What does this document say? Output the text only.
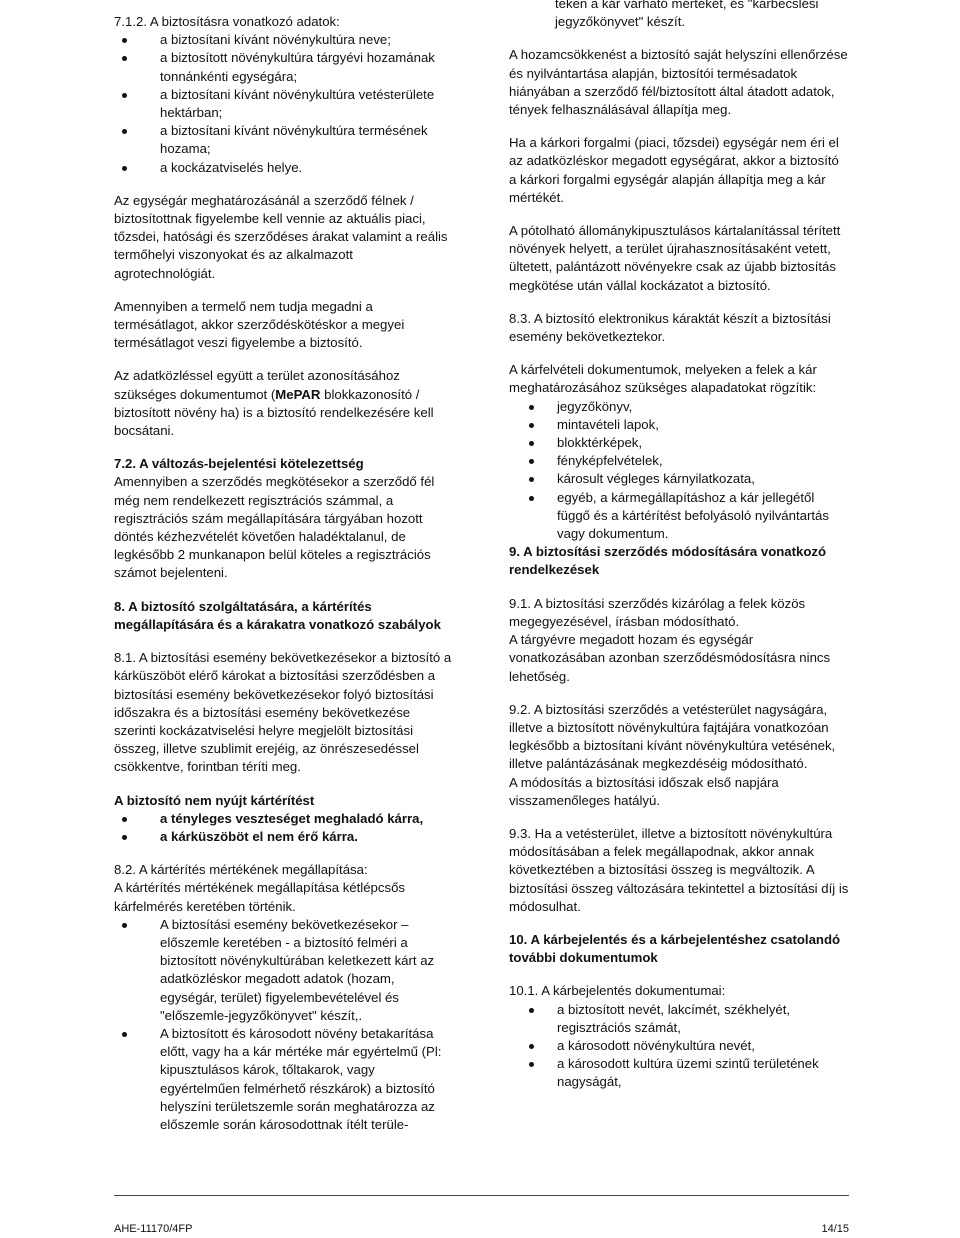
7.1.2. A biztosításra vonatkozó adatok:

a biztosítani kívánt növénykultúra neve;
a biztosított növénykultúra tárgyévi hozamának tonnánkénti egységára;
a biztosítani kívánt növénykultúra vetésterülete hektárban;
a biztosítani kívánt növénykultúra termésének hozama;
a kockázatviselés helye.

Az egységár meghatározásánál a szerződő félnek / biztosítottnak figyelembe kell vennie az aktuális piaci, tőzsdei, hatósági és szerződéses árakat valamint a reális termőhelyi viszonyokat és az alkalmazott agrotechnológiát.

Amennyiben a termelő nem tudja megadni a termésátlagot, akkor szerződéskötéskor a megyei termésátlagot veszi figyelembe a biztosító.

Az adatközléssel együtt a terület azonosításához szükséges dokumentumot (MePAR blokkazonosító / biztosított növény ha) is a biztosító rendelkezésére kell bocsátani.

7.2. A változás-bejelentési kötelezettség

Amennyiben a szerződés megkötésekor a szerződő fél még nem rendelkezett regisztrációs számmal, a regisztrációs szám megállapítására tárgyában hozott döntés kézhezvételét követően haladéktalanul, de legkésőbb 2 munkanapon belül köteles a regisztrációs számot bejelenteni.

8. A biztosító szolgáltatására, a kártérítés megállapítására és a kárakatra vonatkozó szabályok

8.1. A biztosítási esemény bekövetkezésekor a biztosító a kárküszöböt elérő károkat a biztosítási szerződésben a biztosítási esemény bekövetkezésekor folyó biztosítási időszakra és a biztosítási esemény bekövetkezése szerinti kockázatviselési helyre megjelölt biztosítási összeg, illetve szublimit erejéig, az önrészesedéssel csökkentve, forintban téríti meg.

A biztosító nem nyújt kártérítést
a tényleges veszteséget meghaladó kárra,
a kárküszöböt el nem érő kárra.

8.2. A kártérítés mértékének megállapítása:

A kártérítés mértékének megállapítása kétlépcsős kárfelmérés keretében történik.

A biztosítási esemény bekövetkezésekor – előszemle keretében - a biztosító felméri a biztosított növénykultúrában keletkezett kárt az adatközléskor megadott adatok (hozam, egységár, terület) figyelembevételével és "előszemle-jegyzőkönyvet" készít,.
A biztosított és károsodott növény betakarítása előtt, vagy ha a kár mértéke már egyértelmű (Pl: kipusztulásos károk, tőltakarok, vagy egyértelműen felmérhető részkárok) a biztosító helyszíni területszemle során meghatározza az előszemle során károsodottnak ítélt terüle-

teken a kár várható mértékét, és "kárbecslési jegyzőkönyvet" készít.

A hozamcsökkenést a biztosító saját helyszíni ellenőrzése és nyilvántartása alapján, biztosítói termésadatok hiányában a szerződő fél/biztosított által átadott adatok, tények felhasználásával állapítja meg.

Ha a kárkori forgalmi (piaci, tőzsdei) egységár nem éri el az adatközléskor megadott egységárat, akkor a biztosító a kárkori forgalmi egységár alapján állapítja meg a kár mértékét.

A pótolható állománykipusztulásos kártalanítással térített növények helyett, a terület újrahasznosításaként vetett, ültetett, palántázott növényekre csak az újabb biztosítás megkötése után vállal kockázatot a biztosító.

8.3. A biztosító elektronikus káraktát készít a biztosítási esemény bekövetkeztekor.

A kárfelvételi dokumentumok, melyeken a felek a kár meghatározásához szükséges alapadatokat rögzítik:

jegyzőkönyv,
mintavételi lapok,
blokktérképek,
fényképfelvételek,
károsult végleges kárnyilatkozata,
egyéb, a kármegállapításhoz a kár jellegétől függő és a kártérítést befolyásoló nyilvántartás vagy dokumentum.
9. A biztosítási szerződés módosítására vonatkozó rendelkezések

9.1. A biztosítási szerződés kizárólag a felek közös megegyezésével, írásban módosítható.

A tárgyévre megadott hozam és egységár vonatkozásában azonban szerződésmódosításra nincs lehetőség.

9.2. A biztosítási szerződés a vetésterület nagyságára, illetve a biztosított növénykultúra fajtájára vonatkozóan legkésőbb a biztosítani kívánt növénykultúra vetésének, illetve palántázásának megkezdéséig módosítható.

A módosítás a biztosítási időszak első napjára visszamenőleges hatályú.

9.3. Ha a vetésterület, illetve a biztosított növénykultúra módosításában a felek megállapodnak, akkor annak következtében a biztosítási összeg is megváltozik. A biztosítási összeg változására tekintettel a biztosítási díj is módosulhat.

10. A kárbejelentés és a kárbejelentéshez csatolandó további dokumentumok

10.1. A kárbejelentés dokumentumai:

a biztosított nevét, lakcímét, székhelyét, regisztrációs számát,
a károsodott növénykultúra nevét,
a károsodott kultúra üzemi szintű területének nagyságát,
AHE-11170/4FP	14/15
